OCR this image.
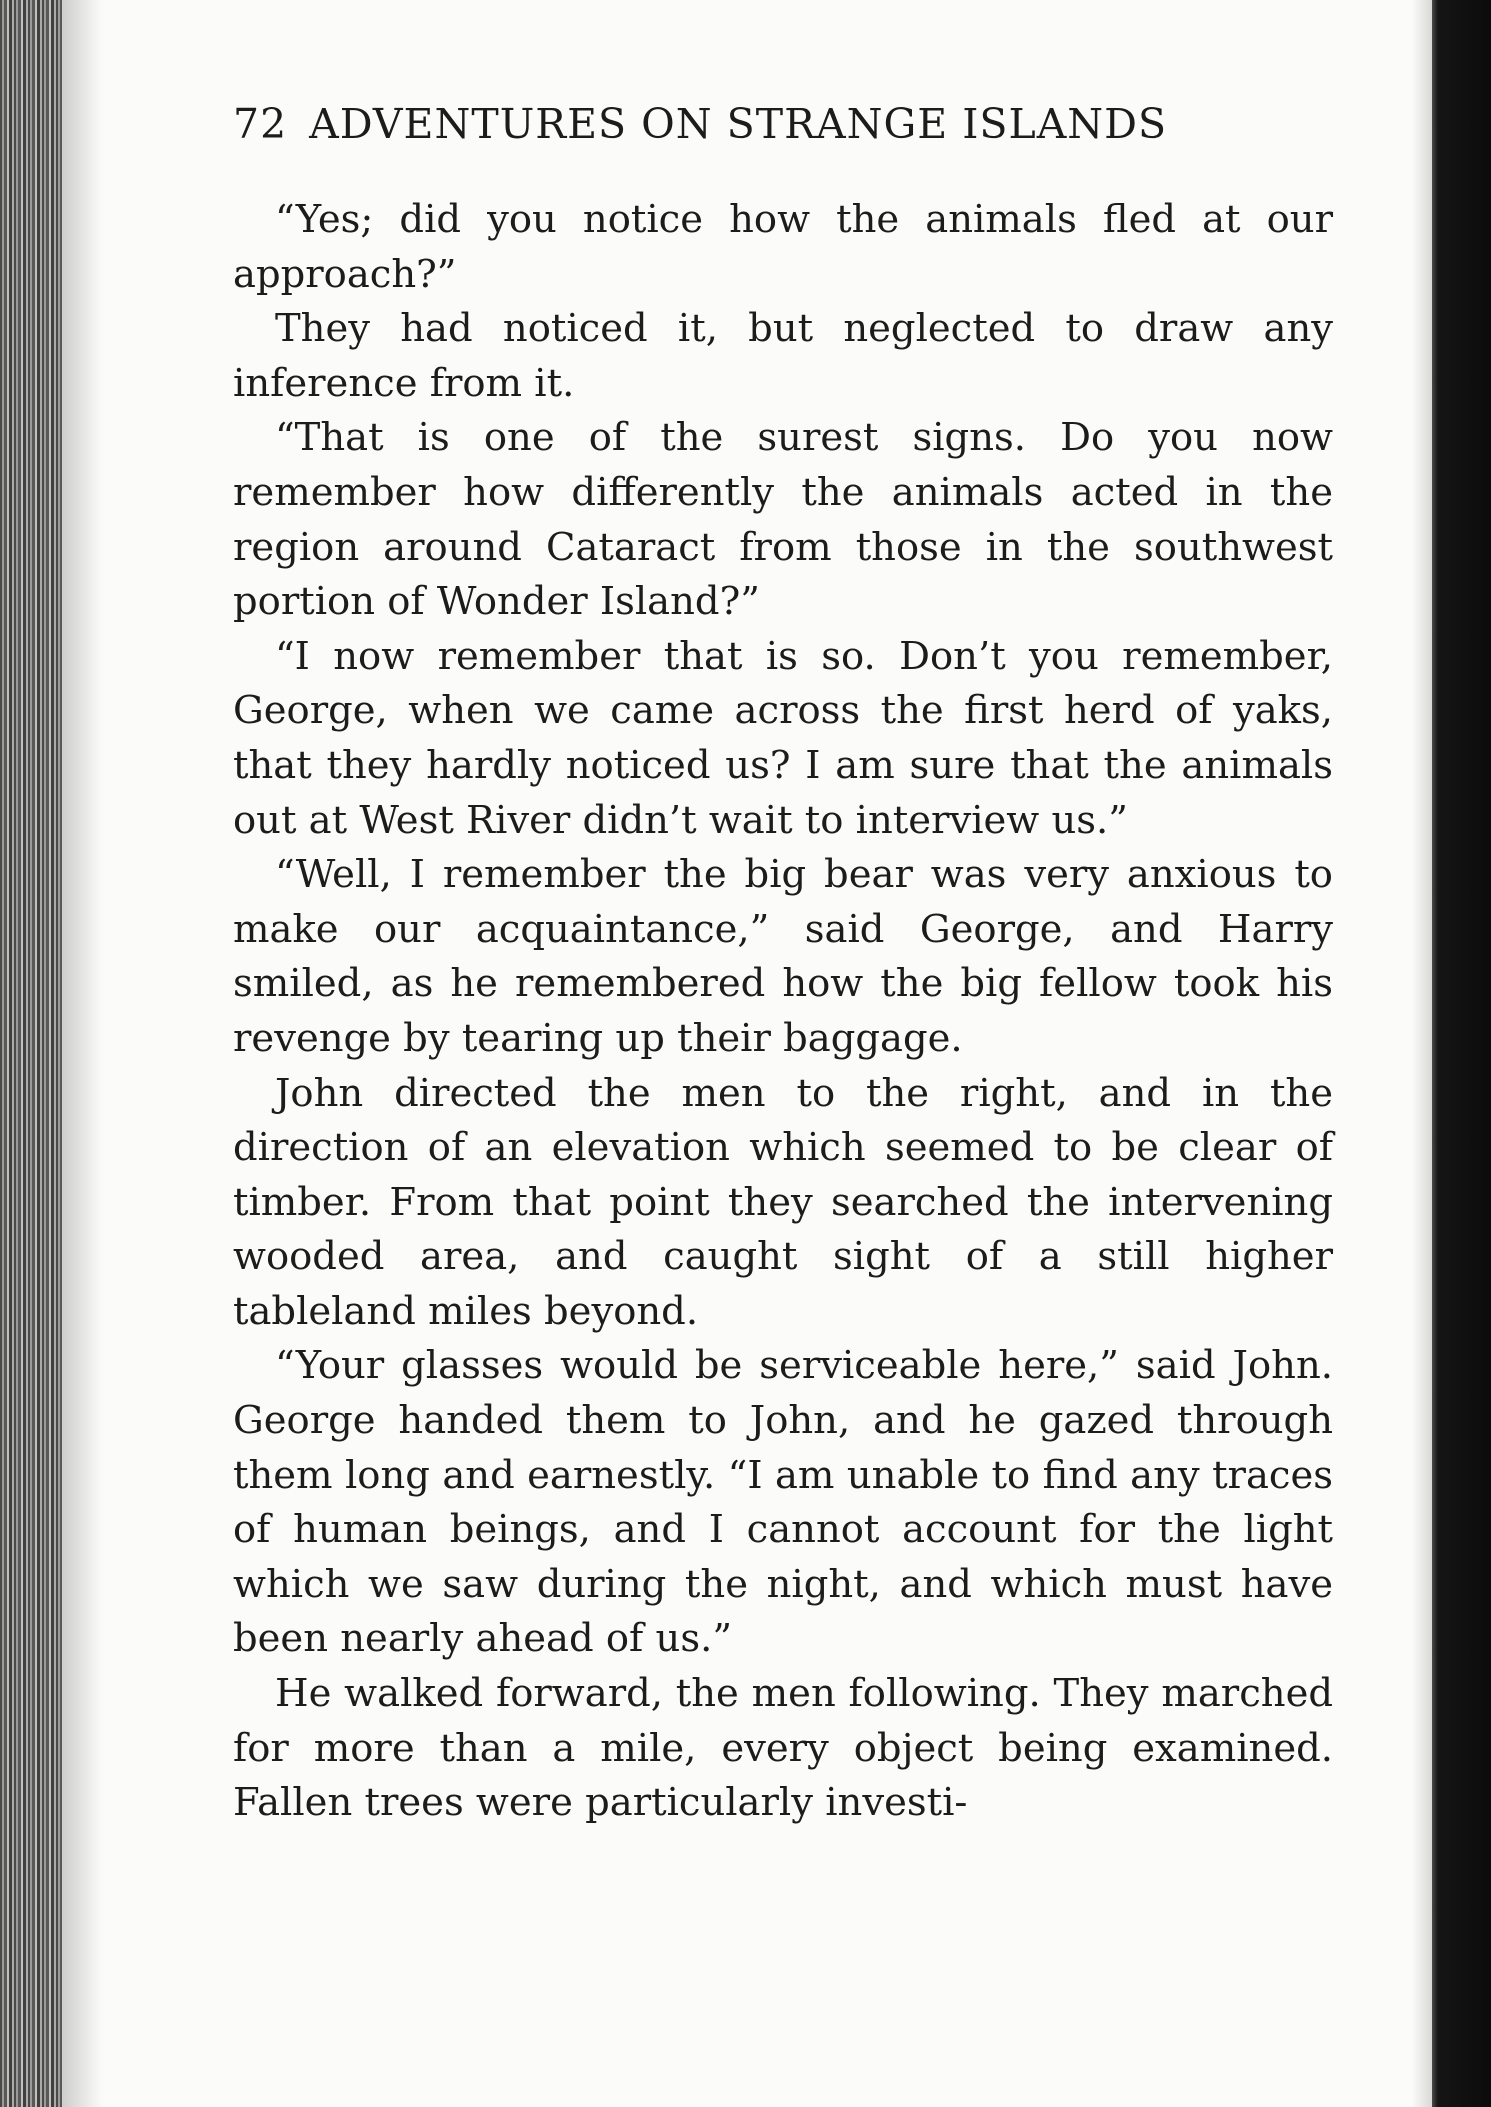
72 ADVENTURES ON STRANGE ISLANDS

“Yes; did you notice how the animals fled at our approach?”

They had noticed it, but neglected to draw any inference from it.

“That is one of the surest signs. Do you now remember how differently the animals acted in the region around Cataract from those in the southwest portion of Wonder Island?”

“I now remember that is so. Don’t you remember, George, when we came across the first herd of yaks, that they hardly noticed us? I am sure that the animals out at West River didn’t wait to interview us.”

“Well, I remember the big bear was very anxious to make our acquaintance,” said George, and Harry smiled, as he remembered how the big fellow took his revenge by tearing up their baggage.

John directed the men to the right, and in the direction of an elevation which seemed to be clear of timber. From that point they searched the intervening wooded area, and caught sight of a still higher tableland miles beyond.

“Your glasses would be serviceable here,” said John. George handed them to John, and he gazed through them long and earnestly. “I am unable to find any traces of human beings, and I cannot account for the light which we saw during the night, and which must have been nearly ahead of us.”

He walked forward, the men following. They marched for more than a mile, every object being examined. Fallen trees were particularly investi-
